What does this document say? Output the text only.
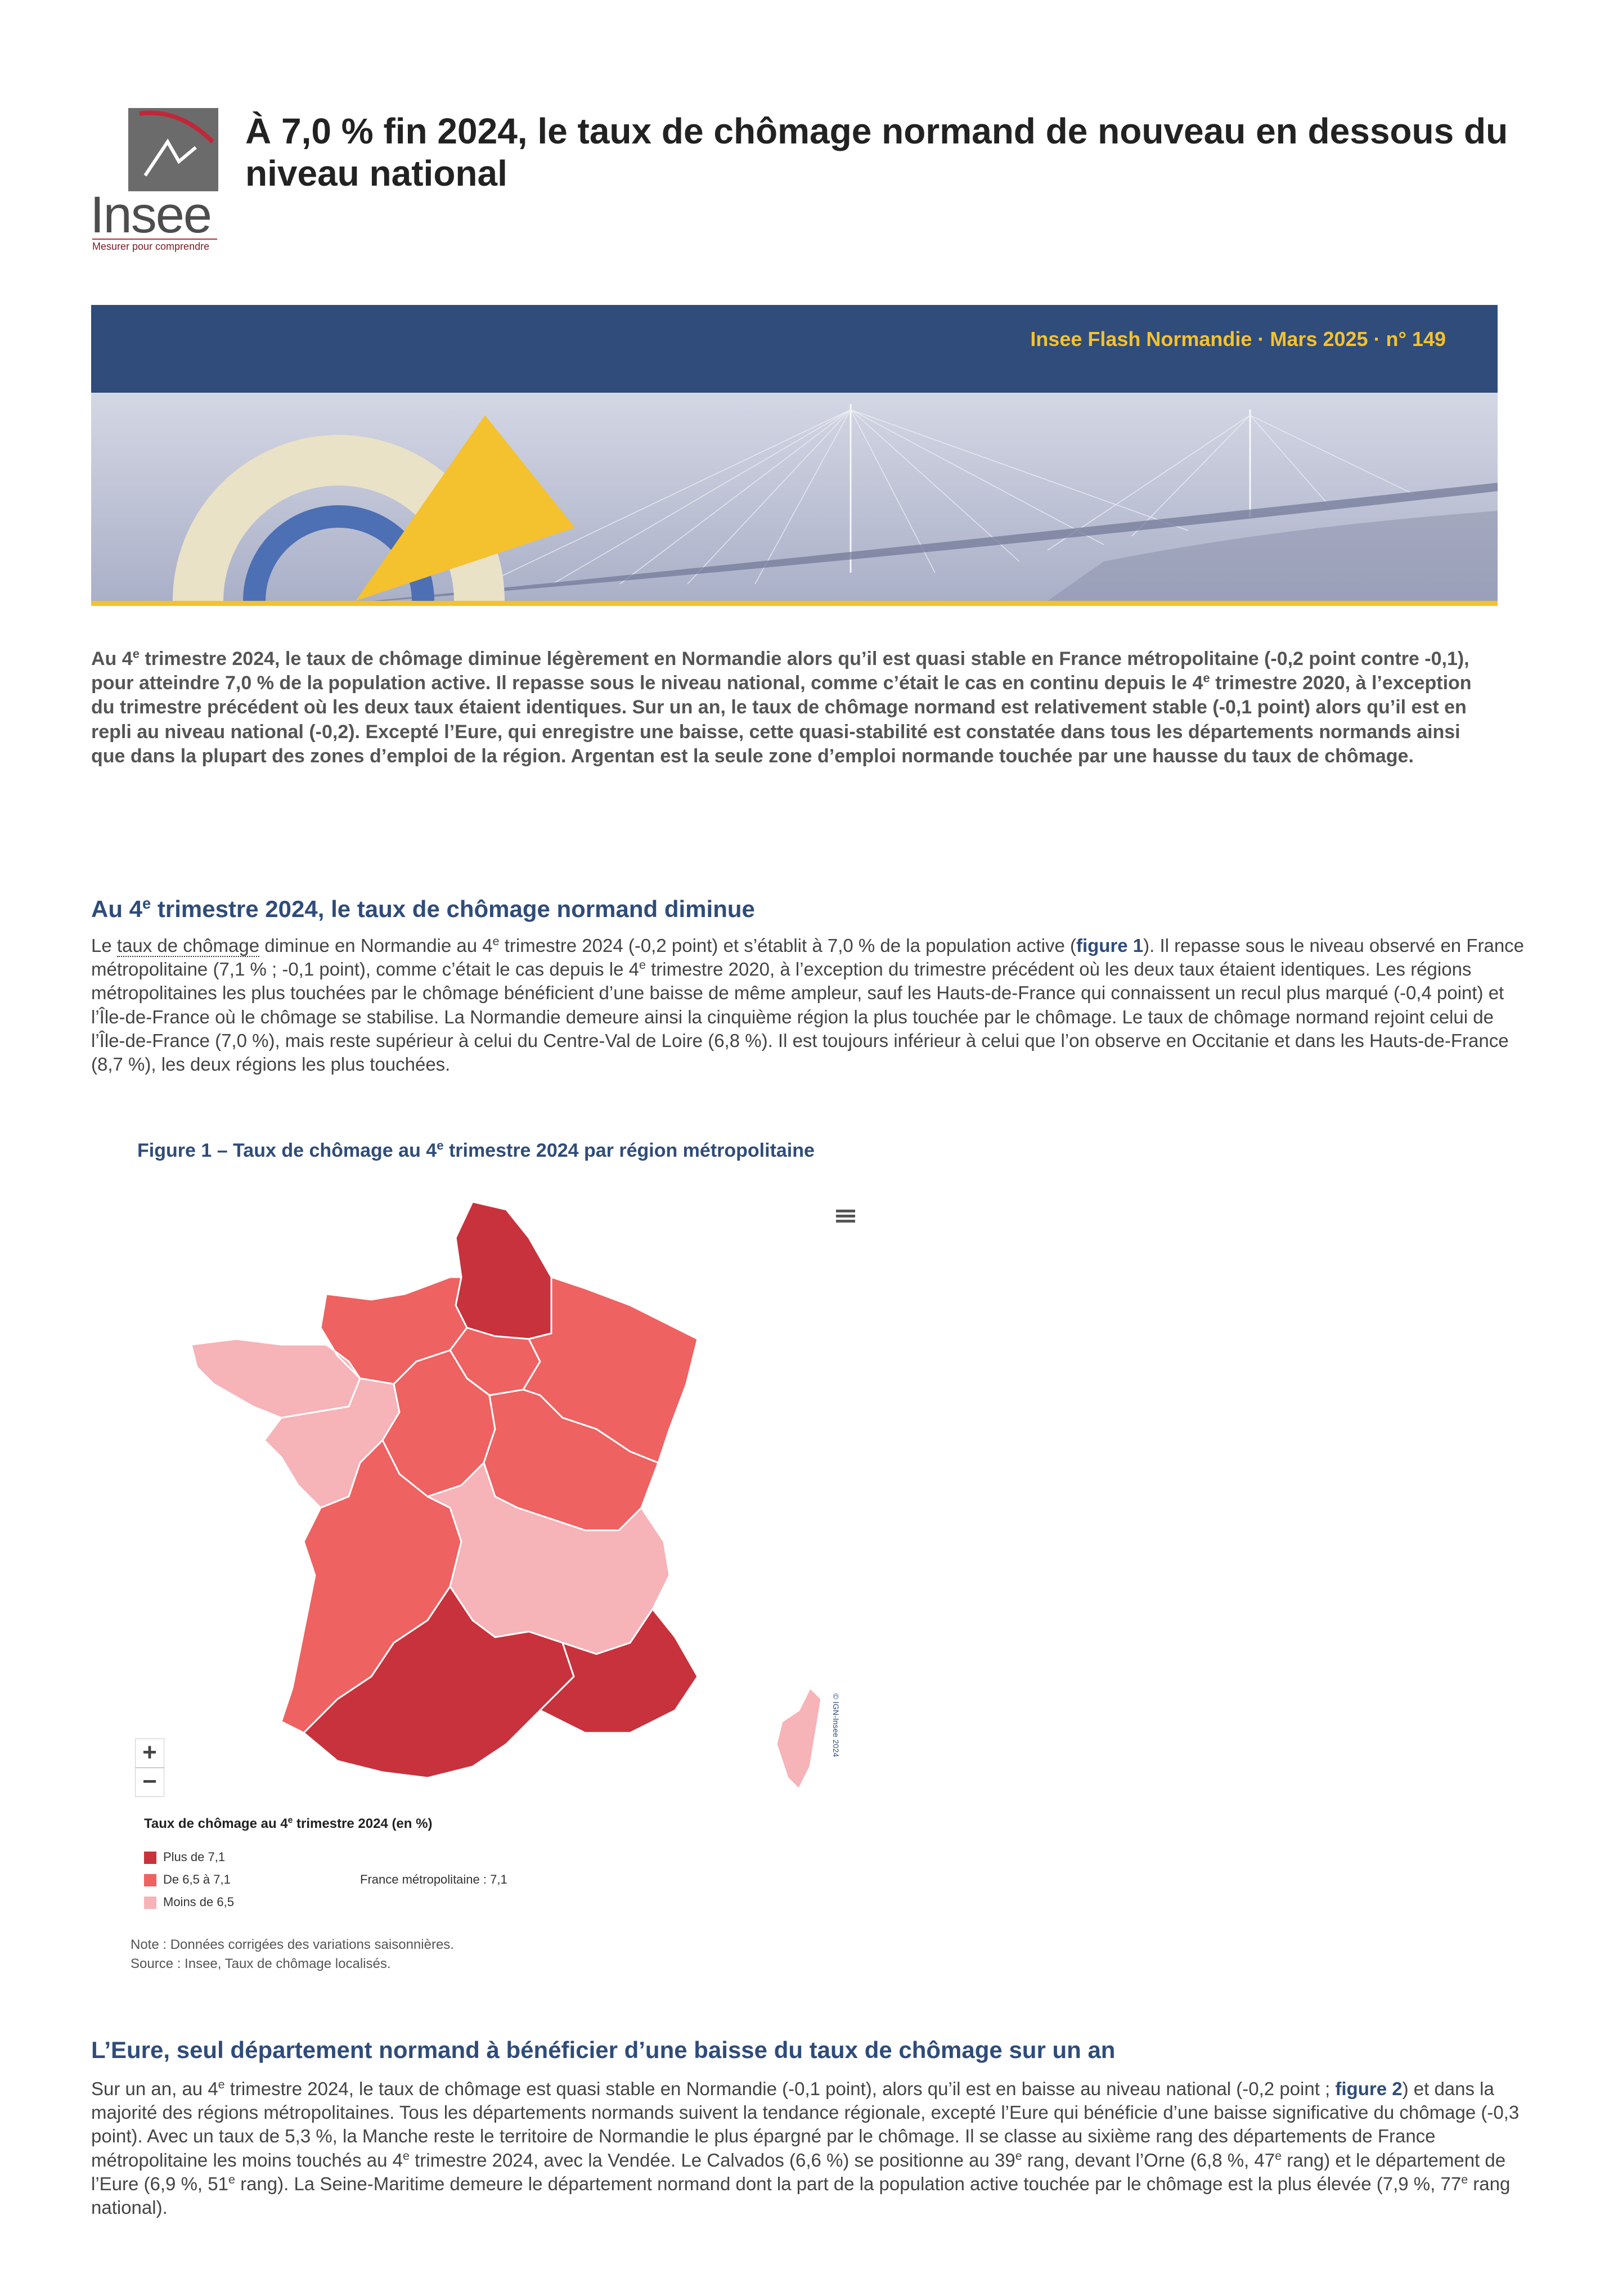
Insee
Mesurer pour comprendre
À 7,0 % fin 2024, le taux de chômage normand de nouveau en dessous du niveau national
Insee Flash Normandie · Mars 2025 · n° 149
Au 4e trimestre 2024, le taux de chômage diminue légèrement en Normandie alors qu’il est quasi stable en France métropolitaine (-0,2 point contre -0,1), pour atteindre 7,0 % de la population active. Il repasse sous le niveau national, comme c’était le cas en continu depuis le 4e trimestre 2020, à l’exception du trimestre précédent où les deux taux étaient identiques. Sur un an, le taux de chômage normand est relativement stable (-0,1 point) alors qu’il est en repli au niveau national (-0,2). Excepté l’Eure, qui enregistre une baisse, cette quasi-stabilité est constatée dans tous les départements normands ainsi que dans la plupart des zones d’emploi de la région. Argentan est la seule zone d’emploi normande touchée par une hausse du taux de chômage.
Au 4e trimestre 2024, le taux de chômage normand diminue
Le taux de chômage diminue en Normandie au 4e trimestre 2024 (-0,2 point) et s’établit à 7,0 % de la population active (figure 1). Il repasse sous le niveau observé en France métropolitaine (7,1 % ; -0,1 point), comme c’était le cas depuis le 4e trimestre 2020, à l’exception du trimestre précédent où les deux taux étaient identiques. Les régions métropolitaines les plus touchées par le chômage bénéficient d’une baisse de même ampleur, sauf les Hauts-de-France qui connaissent un recul plus marqué (-0,4 point) et l’Île-de-France où le chômage se stabilise. La Normandie demeure ainsi la cinquième région la plus touchée par le chômage. Le taux de chômage normand rejoint celui de l’Île-de-France (7,0 %), mais reste supérieur à celui du Centre-Val de Loire (6,8 %). Il est toujours inférieur à celui que l’on observe en Occitanie et dans les Hauts-de-France (8,7 %), les deux régions les plus touchées.
Figure 1 – Taux de chômage au 4e trimestre 2024 par région métropolitaine
© IGN-Insee 2024
+
−
Taux de chômage au 4e trimestre 2024 (en %)
Plus de 7,1
De 6,5 à 7,1
Moins de 6,5
France métropolitaine : 7,1
Note : Données corrigées des variations saisonnières.
Source : Insee, Taux de chômage localisés.
L’Eure, seul département normand à bénéficier d’une baisse du taux de chômage sur un an
Sur un an, au 4e trimestre 2024, le taux de chômage est quasi stable en Normandie (-0,1 point), alors qu’il est en baisse au niveau national (-0,2 point ; figure 2) et dans la majorité des régions métropolitaines. Tous les départements normands suivent la tendance régionale, excepté l’Eure qui bénéficie d’une baisse significative du chômage (-0,3 point). Avec un taux de 5,3 %, la Manche reste le territoire de Normandie le plus épargné par le chômage. Il se classe au sixième rang des départements de France métropolitaine les moins touchés au 4e trimestre 2024, avec la Vendée. Le Calvados (6,6 %) se positionne au 39e rang, devant l’Orne (6,8 %, 47e rang) et le département de l’Eure (6,9 %, 51e rang). La Seine-Maritime demeure le département normand dont la part de la population active touchée par le chômage est la plus élevée (7,9 %, 77e rang national).
